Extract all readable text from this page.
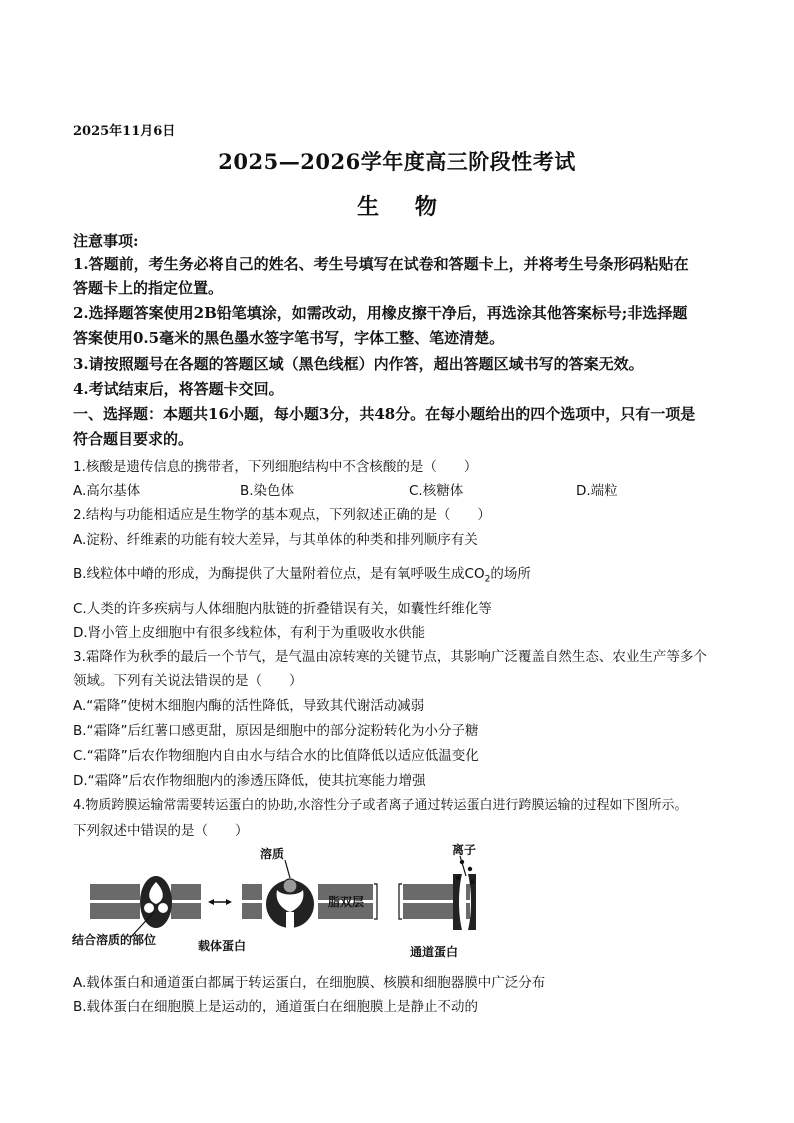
2025年11月6日
2025—2026学年度高三阶段性考试
生 物
注意事项:
1.答题前，考生务必将自己的姓名、考生号填写在试卷和答题卡上，并将考生号条形码粘贴在
答题卡上的指定位置。
2.选择题答案使用2B铅笔填涂，如需改动，用橡皮擦干净后，再选涂其他答案标号;非选择题
答案使用0.5毫米的黑色墨水签字笔书写，字体工整、笔迹清楚。
3.请按照题号在各题的答题区域（黑色线框）内作答，超出答题区域书写的答案无效。
4.考试结束后，将答题卡交回。
一、选择题：本题共16小题，每小题3分，共48分。在每小题给出的四个选项中，只有一项是
符合题目要求的。
1.核酸是遗传信息的携带者，下列细胞结构中不含核酸的是（　　）
A.高尔基体	B.染色体	C.核糖体	D.端粒
2.结构与功能相适应是生物学的基本观点，下列叙述正确的是（　　）
A.淀粉、纤维素的功能有较大差异，与其单体的种类和排列顺序有关
B.线粒体中嵴的形成，为酶提供了大量附着位点，是有氧呼吸生成$CO_2$的场所
C.人类的许多疾病与人体细胞内肽链的折叠错误有关，如囊性纤维化等
D.肾小管上皮细胞中有很多线粒体，有利于为重吸收水供能
3.霜降作为秋季的最后一个节气，是气温由凉转寒的关键节点，其影响广泛覆盖自然生态、农业生产等多个
领域。下列有关说法错误的是（　　）
A.“霜降”使树木细胞内酶的活性降低，导致其代谢活动减弱
B.“霜降”后红薯口感更甜，原因是细胞中的部分淀粉转化为小分子糖
C.“霜降”后农作物细胞内自由水与结合水的比值降低以适应低温变化
D.“霜降”后农作物细胞内的渗透压降低，使其抗寒能力增强
4.物质跨膜运输常需要转运蛋白的协助,水溶性分子或者离子通过转运蛋白进行跨膜运输的过程如下图所示。
下列叙述中错误的是（　　）
溶质	离子
脂双层
结合溶质的部位	载体蛋白	通道蛋白
A.载体蛋白和通道蛋白都属于转运蛋白，在细胞膜、核膜和细胞器膜中广泛分布
B.载体蛋白在细胞膜上是运动的，通道蛋白在细胞膜上是静止不动的
